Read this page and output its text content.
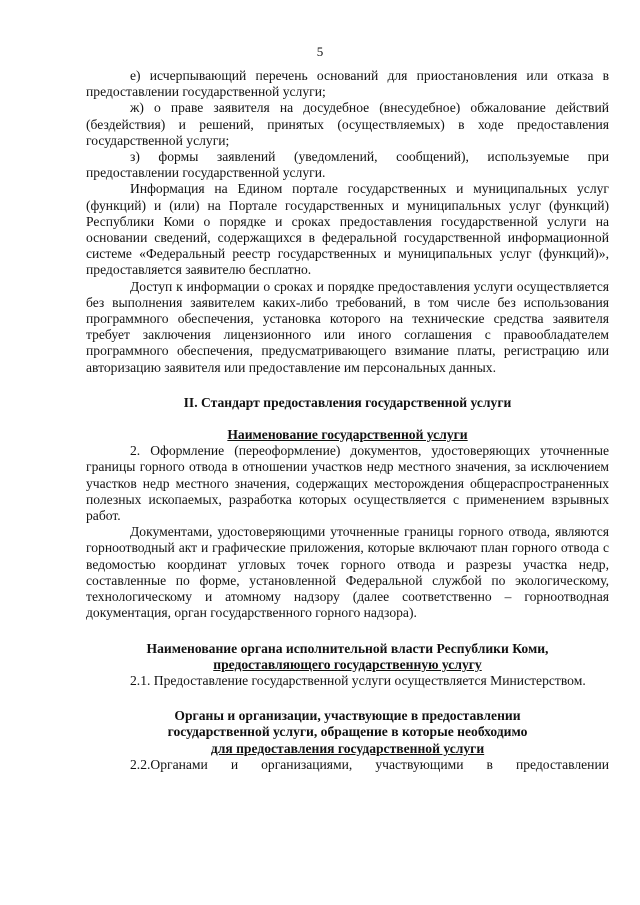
5

е) исчерпывающий перечень оснований для приостановления или отказа в предоставлении государственной услуги;

ж) о праве заявителя на досудебное (внесудебное) обжалование действий (бездействия) и решений, принятых (осуществляемых) в ходе предоставления государственной услуги;

з) формы заявлений (уведомлений, сообщений), используемые при предоставлении государственной услуги.

Информация на Едином портале государственных и муниципальных услуг (функций) и (или) на Портале государственных и муниципальных услуг (функций) Республики Коми о порядке и сроках предоставления государственной услуги на основании сведений, содержащихся в федеральной государственной информационной системе «Федеральный реестр государственных и муниципальных услуг (функций)», предоставляется заявителю бесплатно.

Доступ к информации о сроках и порядке предоставления услуги осуществляется без выполнения заявителем каких-либо требований, в том числе без использования программного обеспечения, установка которого на технические средства заявителя требует заключения лицензионного или иного соглашения с правообладателем программного обеспечения, предусматривающего взимание платы, регистрацию или авторизацию заявителя или предоставление им персональных данных.

II. Стандарт предоставления государственной услуги
Наименование государственной услуги

2. Оформление (переоформление) документов, удостоверяющих уточненные границы горного отвода в отношении участков недр местного значения, за исключением участков недр местного значения, содержащих месторождения общераспространенных полезных ископаемых, разработка которых осуществляется с применением взрывных работ.

Документами, удостоверяющими уточненные границы горного отвода, являются горноотводный акт и графические приложения, которые включают план горного отвода с ведомостью координат угловых точек горного отвода и разрезы участка недр, составленные по форме, установленной Федеральной службой по экологическому, технологическому и атомному надзору (далее соответственно – горноотводная документация, орган государственного горного надзора).

Наименование органа исполнительной власти Республики Коми,
предоставляющего государственную услугу

2.1. Предоставление государственной услуги осуществляется Министерством.

Органы и организации, участвующие в предоставлении
государственной услуги, обращение в которые необходимо
для предоставления государственной услуги

2.2.Органами и организациями, участвующими в предоставлении
